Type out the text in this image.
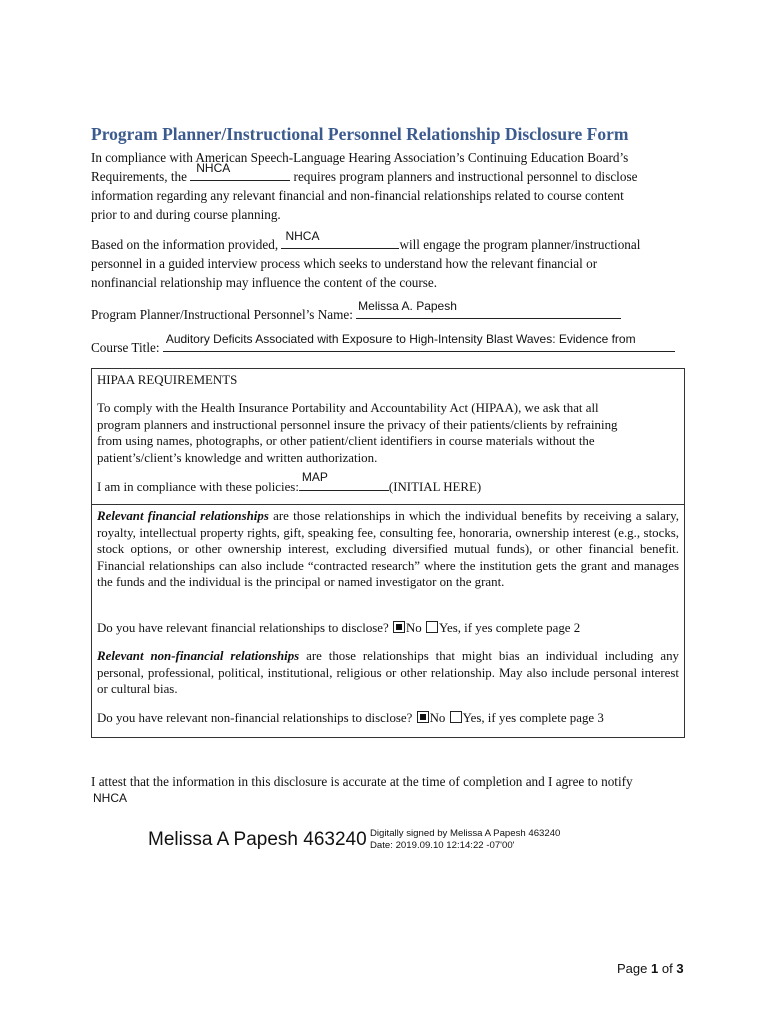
Program Planner/Instructional Personnel Relationship Disclosure Form
In compliance with American Speech-Language Hearing Association’s Continuing Education Board’s
Requirements, the
NHCA
requires program planners and instructional personnel to disclose
information regarding any relevant financial and non-financial relationships related to course content
prior to and during course planning.
Based on the information provided,
NHCA
will engage the program planner/instructional
personnel in a guided interview process which seeks to understand how the relevant financial or
nonfinancial relationship may influence the content of the course.
Program Planner/Instructional Personnel’s Name:
Melissa A. Papesh
Course Title:
Auditory Deficits Associated with Exposure to High-Intensity Blast Waves: Evidence from
HIPAA REQUIREMENTS
To comply with the Health Insurance Portability and Accountability Act (HIPAA), we ask that all
program planners and instructional personnel insure the privacy of their patients/clients by refraining
from using names, photographs, or other patient/client identifiers in course materials without the
patient’s/client’s knowledge and written authorization.
I am in compliance with these policies:
MAP
(INITIAL HERE)
Relevant financial relationships are those relationships in which the individual benefits by receiving a salary, royalty, intellectual property rights, gift, speaking fee, consulting fee, honoraria, ownership interest (e.g., stocks, stock options, or other ownership interest, excluding diversified mutual funds), or other financial benefit. Financial relationships can also include “contracted research” where the institution gets the grant and manages the funds and the individual is the principal or named investigator on the grant.
Do you have relevant financial relationships to disclose? No Yes, if yes complete page 2
Relevant non-financial relationships are those relationships that might bias an individual including any personal, professional, political, institutional, religious or other relationship. May also include personal interest or cultural bias.
Do you have relevant non-financial relationships to disclose? No Yes, if yes complete page 3
I attest that the information in this disclosure is accurate at the time of completion and I agree to notify
NHCA
Melissa A Papesh 463240 Digitally signed by Melissa A Papesh 463240
Date: 2019.09.10 12:14:22 -07'00'
Page 1 of 3
